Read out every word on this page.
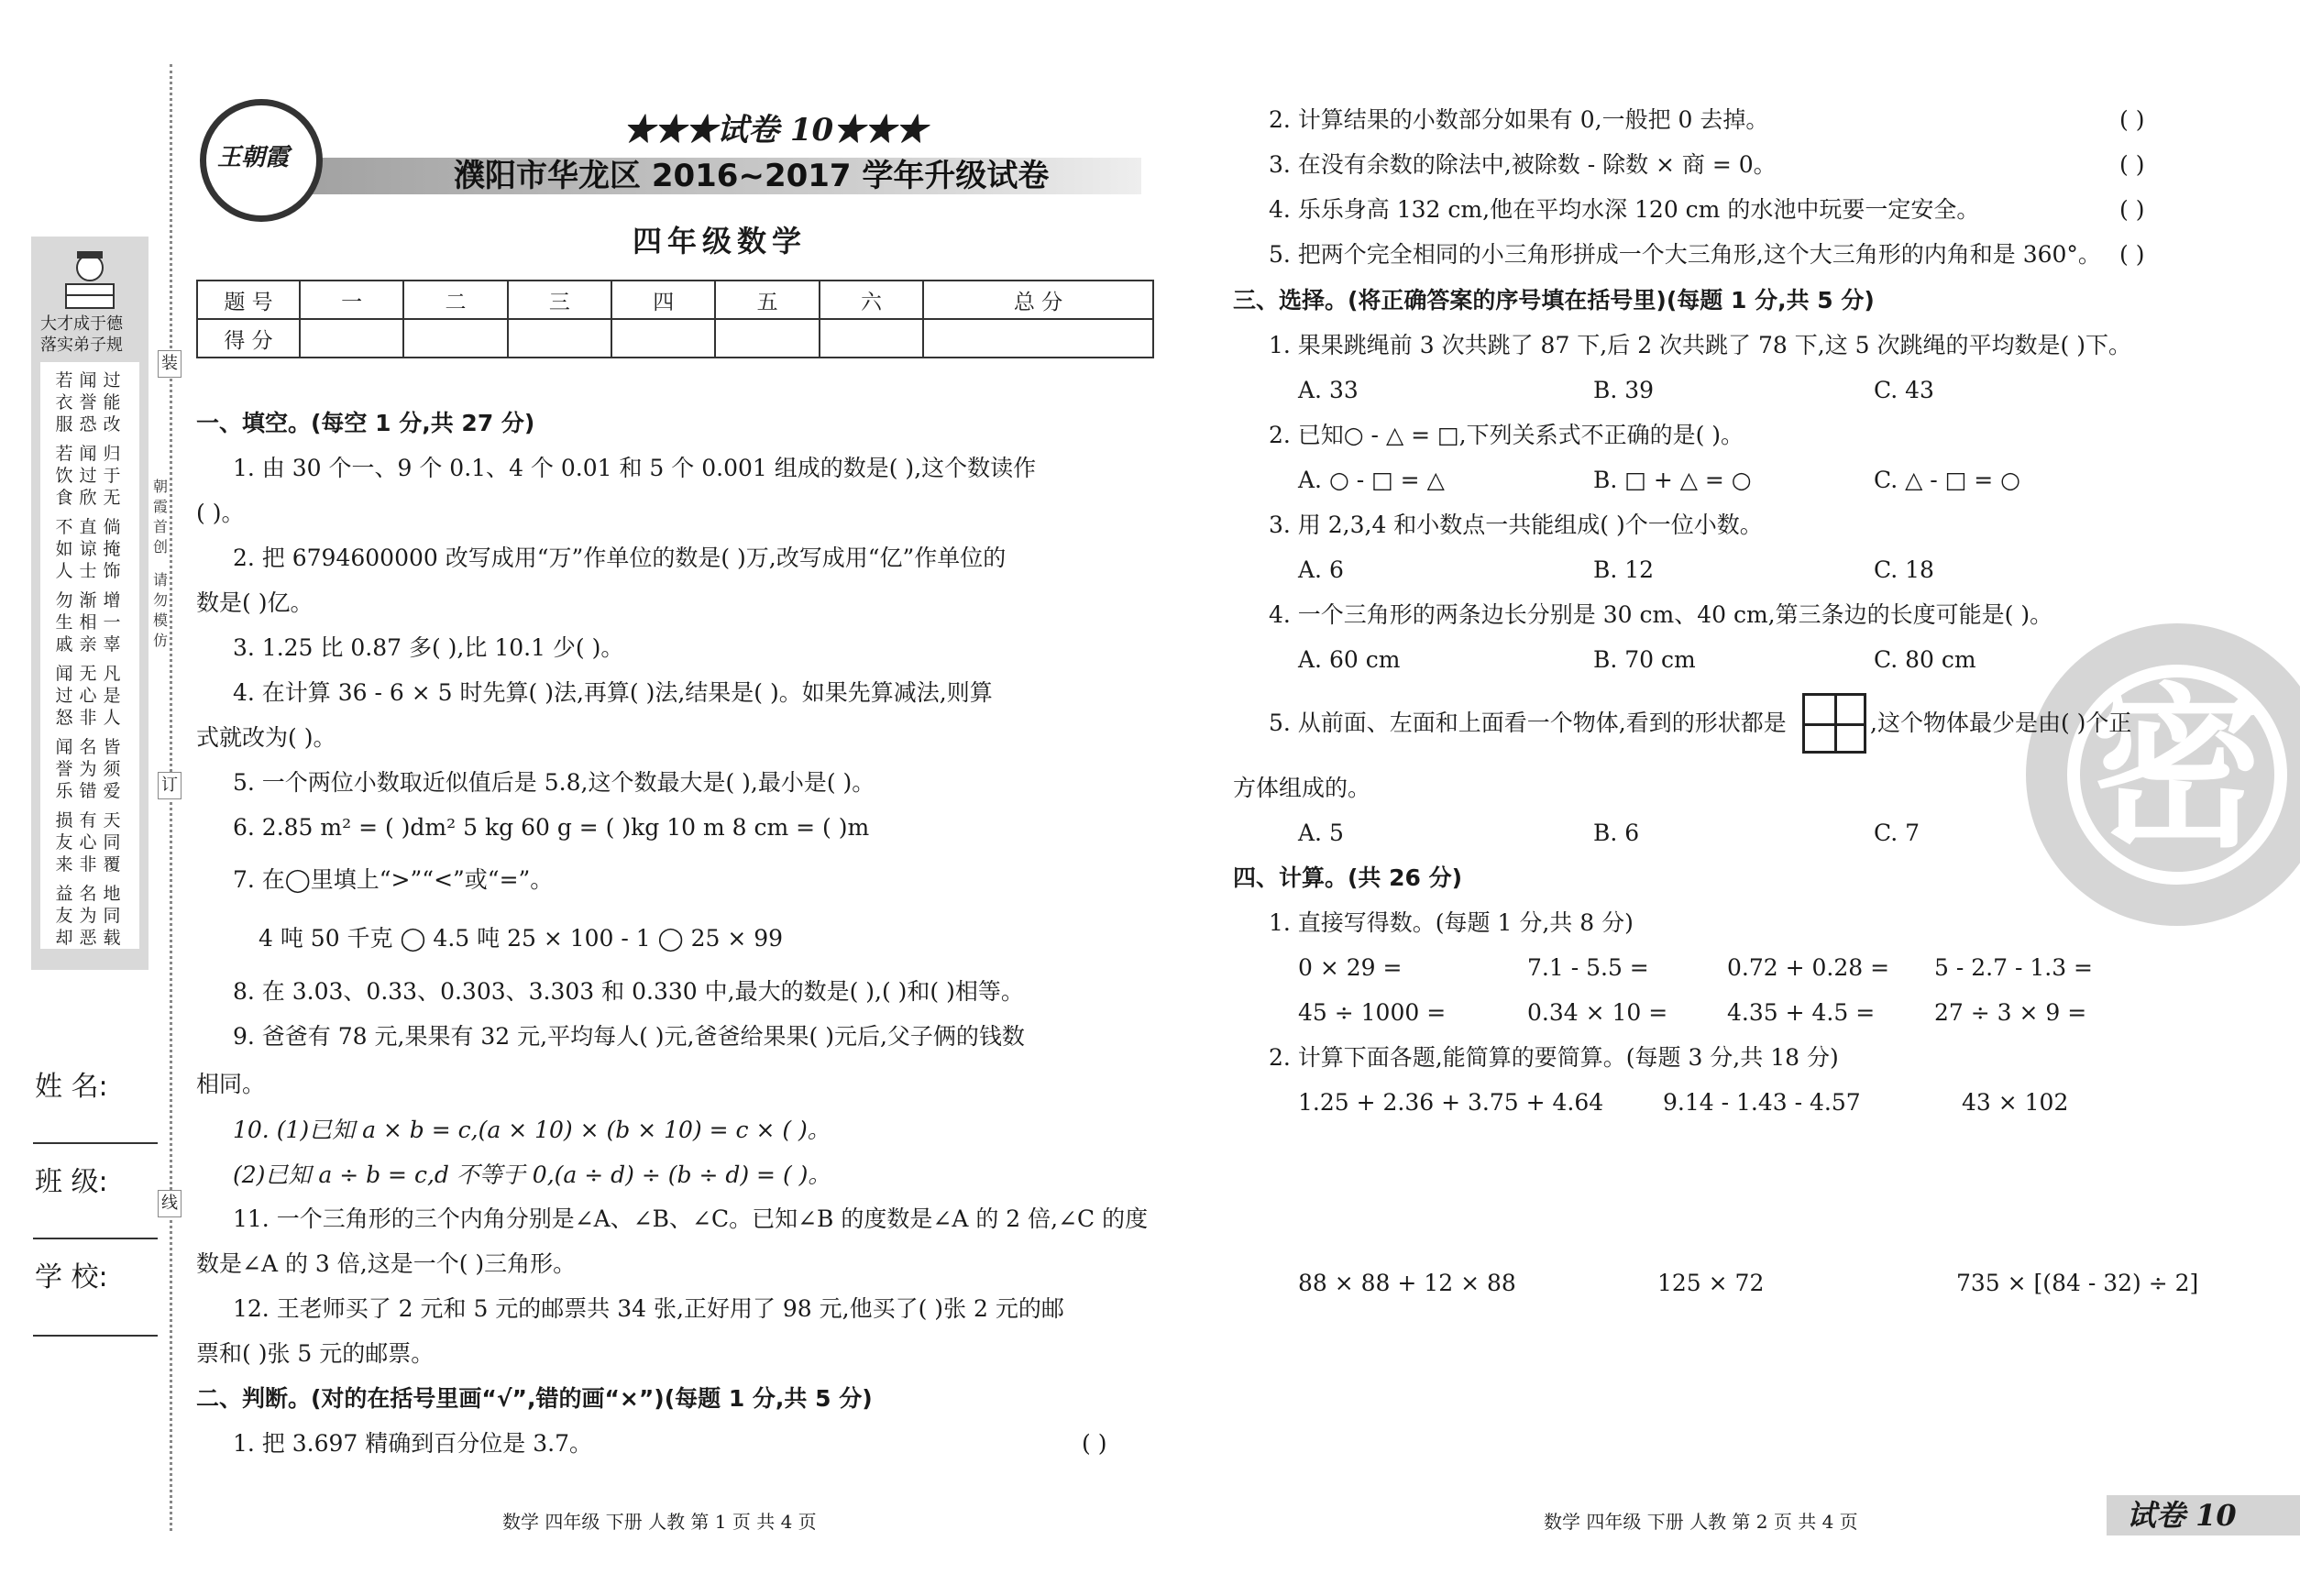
大才成于德
落实弟子规
过能改
闻誉恐
若衣服
归于无
闻过欣
若饮食
倘掩饰
直谅士
不如人
增一辜
渐相亲
勿生戚
凡是人
无心非
闻过怒
皆须爱
名为错
闻誉乐
天同覆
有心非
损友来
地同载
名为恶
益友却
装
订
线
朝霞首创
请勿模仿
姓 名:
班 级:
学 校:
王朝霞
★★★试卷 10★★★
濮阳市华龙区 2016~2017 学年升级试卷
四年级数学
题 号	一	二	三	四	五	六	总 分
得 分							
一、填空。(每空 1 分,共 27 分)
1. 由 30 个一、9 个 0.1、4 个 0.01 和 5 个 0.001 组成的数是( ),这个数读作
( )。
2. 把 6794600000 改写成用“万”作单位的数是( )万,改写成用“亿”作单位的
数是( )亿。
3. 1.25 比 0.87 多( ),比 10.1 少( )。
4. 在计算 36 - 6 × 5 时先算( )法,再算( )法,结果是( )。如果先算减法,则算
式就改为( )。
5. 一个两位小数取近似值后是 5.8,这个数最大是( ),最小是( )。
6. 2.85 m² = ( )dm² 5 kg 60 g = ( )kg 10 m 8 cm = ( )m
7. 在◯里填上“>”“<”或“=”。
4 吨 50 千克 ◯ 4.5 吨 25 × 100 - 1 ◯ 25 × 99
8. 在 3.03、0.33、0.303、3.303 和 0.330 中,最大的数是( ),( )和( )相等。
9. 爸爸有 78 元,果果有 32 元,平均每人( )元,爸爸给果果( )元后,父子俩的钱数
相同。
10. (1)已知 a × b = c,(a × 10) × (b × 10) = c × ( )。
(2)已知 a ÷ b = c,d 不等于 0,(a ÷ d) ÷ (b ÷ d) = ( )。
11. 一个三角形的三个内角分别是∠A、∠B、∠C。已知∠B 的度数是∠A 的 2 倍,∠C 的度
数是∠A 的 3 倍,这是一个( )三角形。
12. 王老师买了 2 元和 5 元的邮票共 34 张,正好用了 98 元,他买了( )张 2 元的邮
票和( )张 5 元的邮票。
二、判断。(对的在括号里画“√”,错的画“×”)(每题 1 分,共 5 分)
1. 把 3.697 精确到百分位是 3.7。	( )
数学 四年级 下册 人教 第 1 页 共 4 页
密
2. 计算结果的小数部分如果有 0,一般把 0 去掉。	( )
3. 在没有余数的除法中,被除数 - 除数 × 商 = 0。	( )
4. 乐乐身高 132 cm,他在平均水深 120 cm 的水池中玩要一定安全。	( )
5. 把两个完全相同的小三角形拼成一个大三角形,这个大三角形的内角和是 360°。 ( )
三、选择。(将正确答案的序号填在括号里)(每题 1 分,共 5 分)
1. 果果跳绳前 3 次共跳了 87 下,后 2 次共跳了 78 下,这 5 次跳绳的平均数是( )下。
A. 33	B. 39	C. 43
2. 已知○ - △ = □,下列关系式不正确的是( )。
A. ○ - □ = △	B. □ + △ = ○	C. △ - □ = ○
3. 用 2,3,4 和小数点一共能组成( )个一位小数。
A. 6	B. 12	C. 18
4. 一个三角形的两条边长分别是 30 cm、40 cm,第三条边的长度可能是( )。
A. 60 cm	B. 70 cm	C. 80 cm
5. 从前面、左面和上面看一个物体,看到的形状都是	,这个物体最少是由( )个正
方体组成的。
A. 5	B. 6	C. 7
四、计算。(共 26 分)
1. 直接写得数。(每题 1 分,共 8 分)
0 × 29 =	7.1 - 5.5 =	0.72 + 0.28 = 5 - 2.7 - 1.3 =
45 ÷ 1000 =	0.34 × 10 =	4.35 + 4.5 =	27 ÷ 3 × 9 =
2. 计算下面各题,能简算的要简算。(每题 3 分,共 18 分)
1.25 + 2.36 + 3.75 + 4.64	9.14 - 1.43 - 4.57	43 × 102
88 × 88 + 12 × 88	125 × 72	735 × [(84 - 32) ÷ 2]
数学 四年级 下册 人教 第 2 页 共 4 页	试卷 10
